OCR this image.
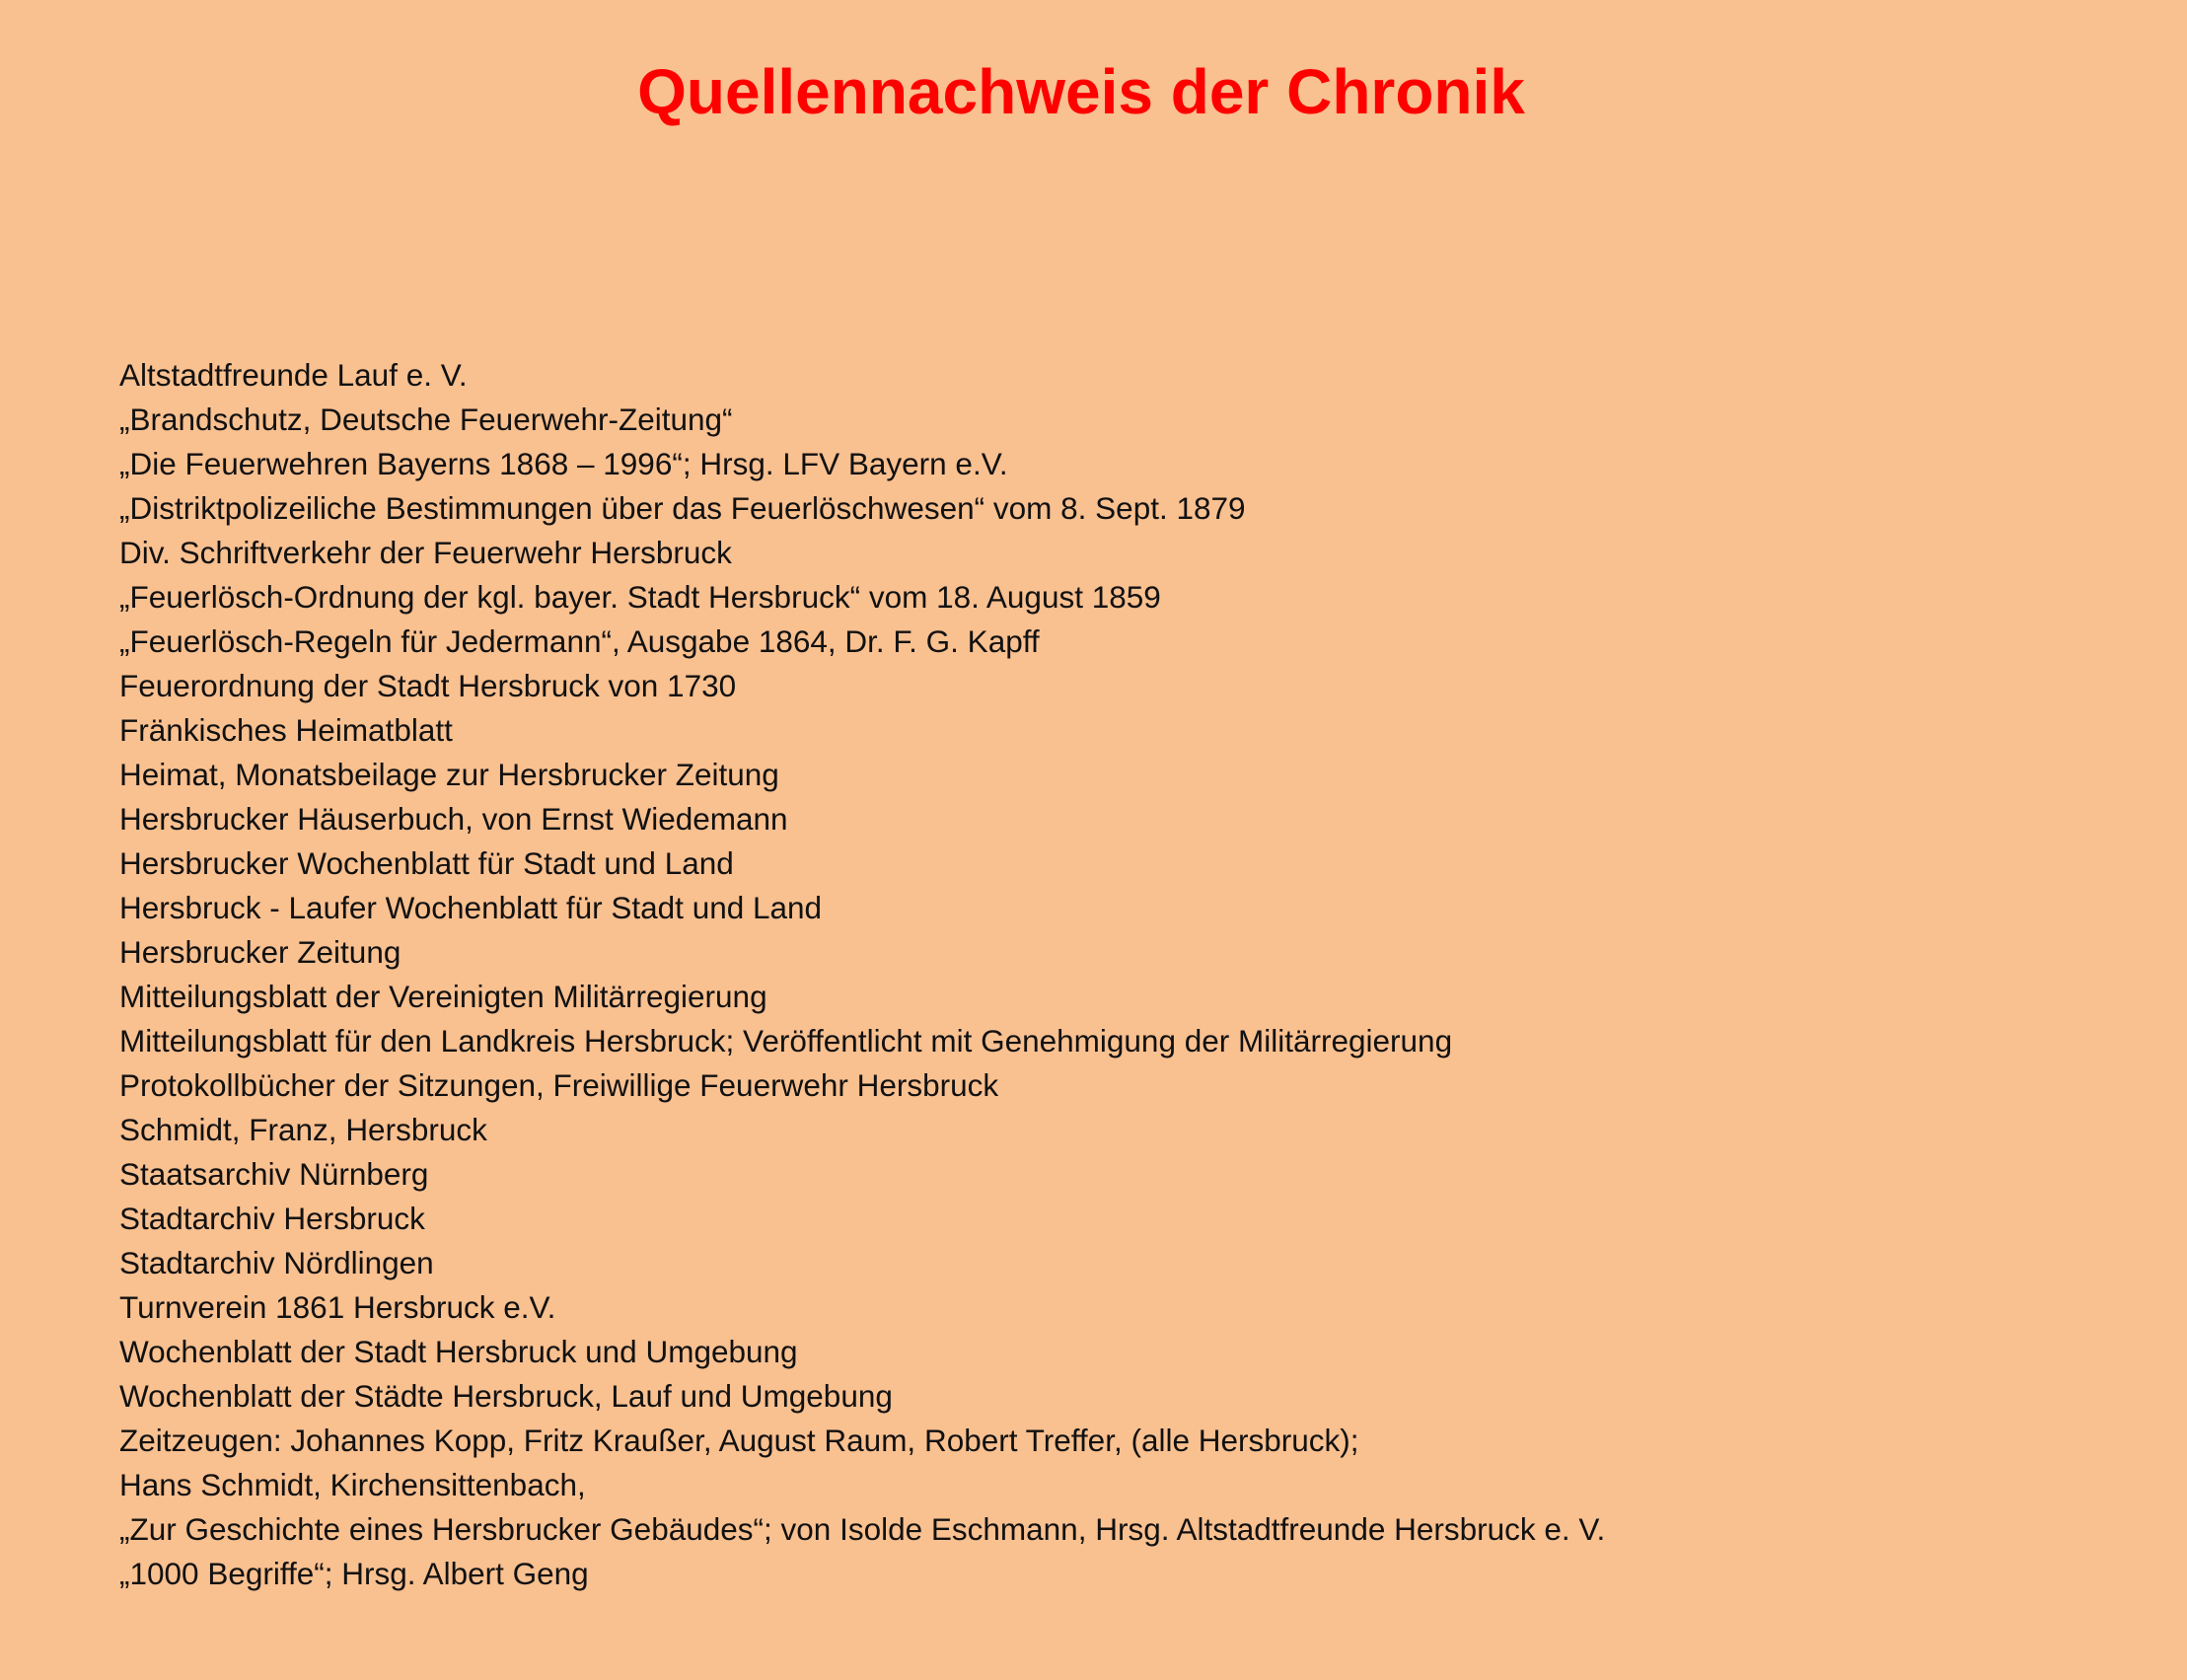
Quellennachweis der Chronik
Altstadtfreunde Lauf e. V.
„Brandschutz, Deutsche Feuerwehr-Zeitung“
„Die Feuerwehren Bayerns 1868 – 1996“; Hrsg. LFV Bayern e.V.
„Distriktpolizeiliche Bestimmungen über das Feuerlöschwesen“ vom 8. Sept. 1879
Div. Schriftverkehr der Feuerwehr Hersbruck
„Feuerlösch-Ordnung der kgl. bayer. Stadt Hersbruck“ vom 18. August 1859
„Feuerlösch-Regeln für Jedermann“, Ausgabe 1864, Dr. F. G. Kapff
Feuerordnung der Stadt Hersbruck von 1730
Fränkisches Heimatblatt
Heimat, Monatsbeilage zur Hersbrucker Zeitung
Hersbrucker Häuserbuch, von Ernst Wiedemann
Hersbrucker Wochenblatt für Stadt und Land
Hersbruck - Laufer Wochenblatt für Stadt und Land
Hersbrucker Zeitung
Mitteilungsblatt der Vereinigten Militärregierung
Mitteilungsblatt für den Landkreis Hersbruck; Veröffentlicht mit Genehmigung der Militärregierung
Protokollbücher der Sitzungen, Freiwillige Feuerwehr Hersbruck
Schmidt, Franz, Hersbruck
Staatsarchiv Nürnberg
Stadtarchiv Hersbruck
Stadtarchiv Nördlingen
Turnverein 1861 Hersbruck e.V.
Wochenblatt der Stadt Hersbruck und Umgebung
Wochenblatt der Städte Hersbruck, Lauf und Umgebung
Zeitzeugen: Johannes Kopp, Fritz Kraußer, August Raum, Robert Treffer, (alle Hersbruck);
Hans Schmidt, Kirchensittenbach,
„Zur Geschichte eines Hersbrucker Gebäudes“; von Isolde Eschmann, Hrsg. Altstadtfreunde Hersbruck e. V.
„1000 Begriffe“; Hrsg. Albert Geng
